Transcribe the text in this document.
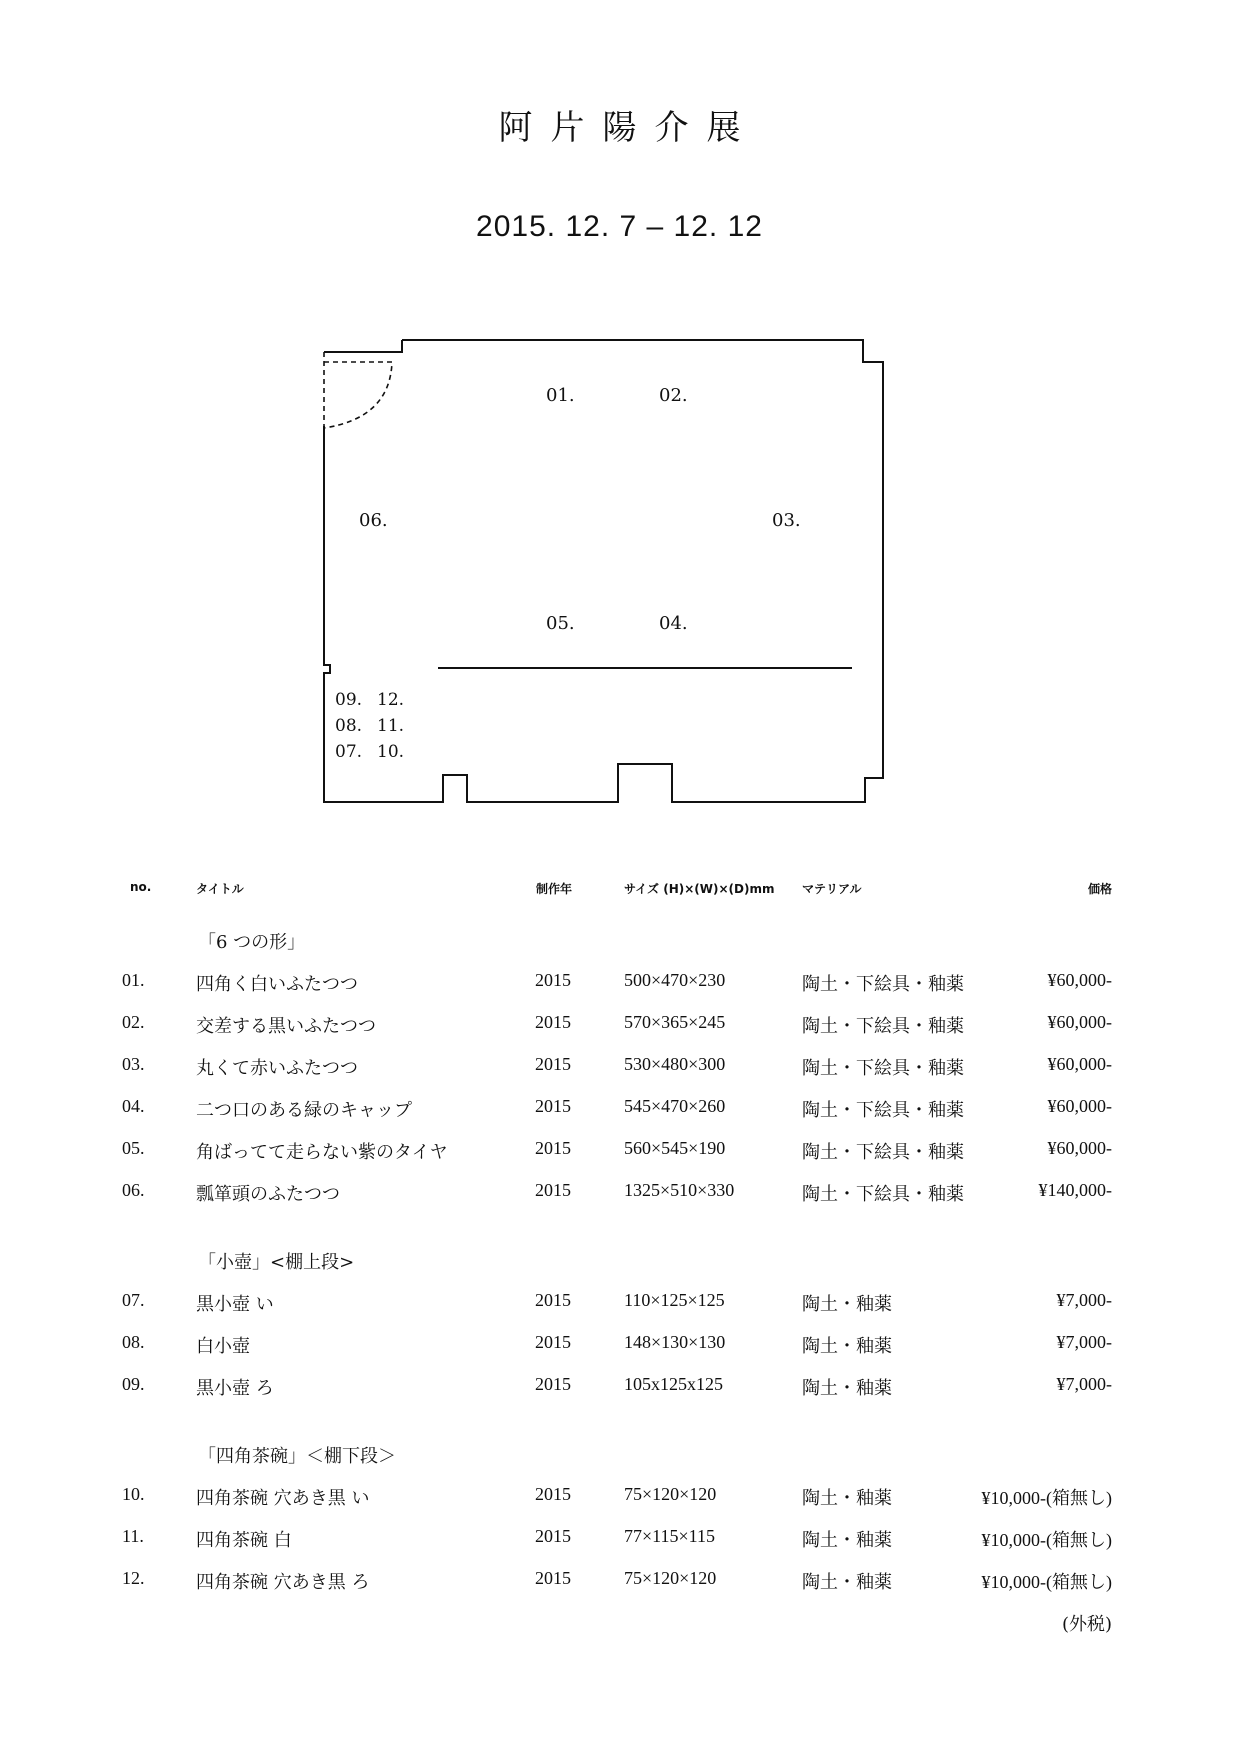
阿片陽介展
2015. 12. 7 – 12. 12
01.	02.
03.
04.
05.
06.
09.
08.
07.
12.
11.
10.
no.	タイトル	制作年	サイズ (H)×(W)×(D)mm マテリアル	価格
「6 つの形」
01.	四角く白いふたつつ	2015	500×470×230	陶土・下絵具・釉薬	¥60,000-
02.	交差する黒いふたつつ	2015	570×365×245	陶土・下絵具・釉薬	¥60,000-
03.	丸くて赤いふたつつ	2015	530×480×300	陶土・下絵具・釉薬	¥60,000-
04.	二つ口のある緑のキャップ	2015	545×470×260	陶土・下絵具・釉薬	¥60,000-
05.	角ばってて走らない紫のタイヤ	2015	560×545×190	陶土・下絵具・釉薬	¥60,000-
06.	瓢箪頭のふたつつ	2015	1325×510×330	陶土・下絵具・釉薬	¥140,000-
「小壺」<棚上段>
07.	黒小壺 い	2015	110×125×125	陶土・釉薬	¥7,000-
08.	白小壺	2015	148×130×130	陶土・釉薬	¥7,000-
09.	黒小壺 ろ	2015	105x125x125	陶土・釉薬	¥7,000-
「四角茶碗」＜棚下段＞
10.	四角茶碗 穴あき黒 い	2015	75×120×120	陶土・釉薬	¥10,000-(箱無し)
11.	四角茶碗 白	2015	77×115×115	陶土・釉薬	¥10,000-(箱無し)
12.	四角茶碗 穴あき黒 ろ	2015	75×120×120	陶土・釉薬	¥10,000-(箱無し)
(外税)
